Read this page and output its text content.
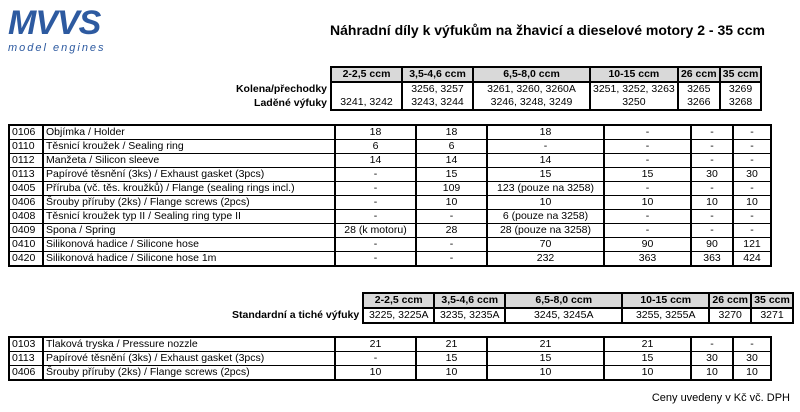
MVVS
model engines
Náhradní díly k výfukům na žhavicí a dieselové motory 2 - 35 ccm
	2-2,5 ccm	3,5-4,6 ccm	6,5-8,0 ccm	10-15 ccm	26 ccm	35 ccm
Kolena/přechodky		3256, 3257	3261, 3260, 3260A	3251, 3252, 3263	3265	3269
Laděné výfuky	3241, 3242	3243, 3244	3246, 3248, 3249	3250	3266	3268
0106	Objímka / Holder	18	18	18	-	-	-
0110	Těsnicí kroužek / Sealing ring	6	6	-	-	-	-
0112	Manžeta / Silicon sleeve	14	14	14	-	-	-
0113	Papírové těsnění (3ks) / Exhaust gasket (3pcs)	-	15	15	15	30	30
0405	Příruba (vč. těs. kroužků) / Flange (sealing rings incl.)	-	109	123 (pouze na 3258)	-	-	-
0406	Šrouby příruby (2ks) / Flange screws (2pcs)	-	10	10	10	10	10
0408	Těsnicí kroužek typ II / Sealing ring type II	-	-	6 (pouze na 3258)	-	-	-
0409	Spona / Spring	28 (k motoru)	28	28 (pouze na 3258)	-	-	-
0410	Silikonová hadice / Silicone hose	-	-	70	90	90	121
0420	Silikonová hadice / Silicone hose 1m	-	-	232	363	363	424
	2-2,5 ccm	3,5-4,6 ccm	6,5-8,0 ccm	10-15 ccm	26 ccm	35 ccm
Standardní a tiché výfuky	3225, 3225A	3235, 3235A	3245, 3245A	3255, 3255A	3270	3271
0103	Tlaková tryska / Pressure nozzle	21	21	21	21	-	-
0113	Papírové těsnění (3ks) / Exhaust gasket (3pcs)	-	15	15	15	30	30
0406	Šrouby příruby (2ks) / Flange screws (2pcs)	10	10	10	10	10	10
Ceny uvedeny v Kč vč. DPH
